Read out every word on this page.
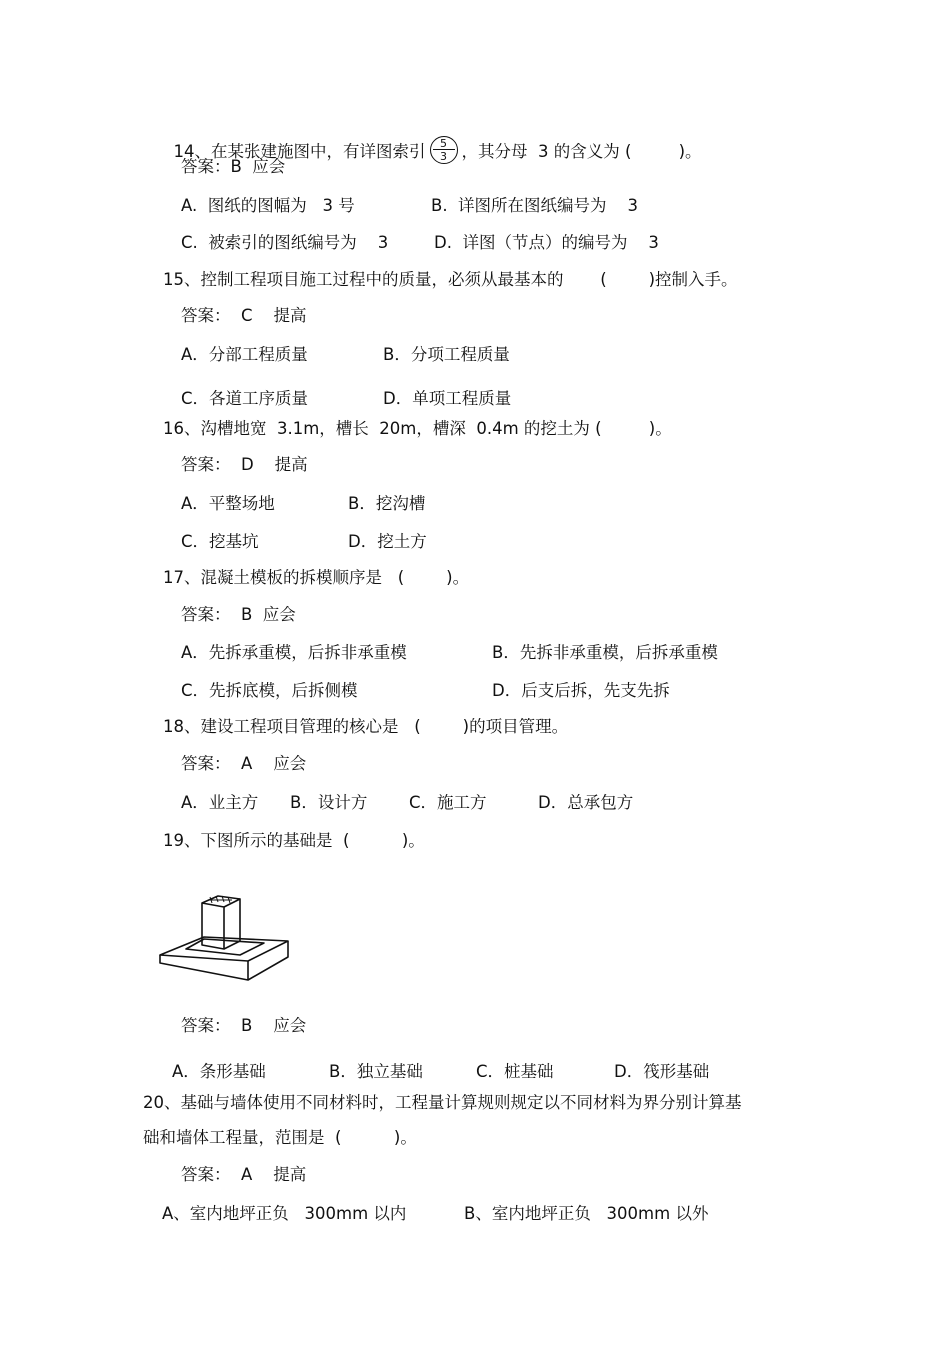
14、在某张建施图中，有详图索引 $\frac{5}{3}$ ，其分母  3 的含义为 (         )。

答案：B  应会
A.  图纸的图幅为   3 号	B.  详图所在图纸编号为    3
C.  被索引的图纸编号为    3	D.  详图（节点）的编号为    3
15、控制工程项目施工过程中的质量，必须从最基本的       (        )控制入手。
答案：  C    提高
A．分部工程质量	B．分项工程质量
C．各道工序质量	D．单项工程质量
16、沟槽地宽  3.1m，槽长  20m，槽深  0.4m 的挖土为 (         )。
答案：  D    提高
A．平整场地	B．挖沟槽
C．挖基坑	D．挖土方
17、混凝土模板的拆模顺序是   (        )。
答案：  B  应会
A．先拆承重模，后拆非承重模	B．先拆非承重模，后拆承重模
C．先拆底模，后拆侧模	D．后支后拆，先支先拆
18、建设工程项目管理的核心是   (        )的项目管理。
答案：  A    应会
A．业主方 B．设计方	C．施工方	D．总承包方
19、下图所示的基础是  (          )。
答案：  B    应会
A．条形基础	B．独立基础	C．桩基础	D．筏形基础
20、基础与墙体使用不同材料时，工程量计算规则规定以不同材料为界分别计算基
础和墙体工程量，范围是  (          )。
答案：  A    提高
A、室内地坪正负   300mm 以内	B、室内地坪正负   300mm 以外
